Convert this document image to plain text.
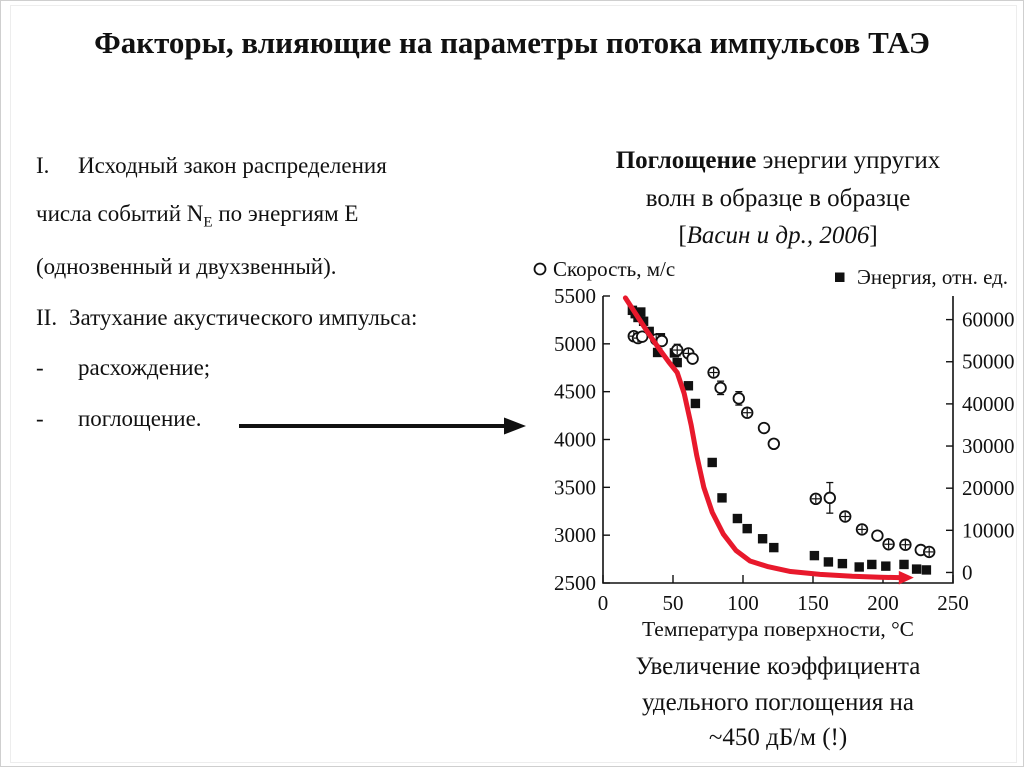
Факторы, влияющие на параметры потока импульсов ТАЭ
I.	Исходный закон распределения
числа событий $N_Е$ по энергиям Е
(однозвенный и двухзвенный).
II. Затухание акустического импульса:
-	расхождение;
-	поглощение.
Поглощение энергии упругих
волн в образце в образце
[Васин и др., 2006]
2500
3000
3500
4000
4500
5000
5500
0
10000
20000
30000
40000
50000
60000
0	50 100 150 200 250
Температура поверхности, °С
Скорость, м/с	Энергия, отн. ед.
Увеличение коэффициента
удельного поглощения на
~450 дБ/м (!)
